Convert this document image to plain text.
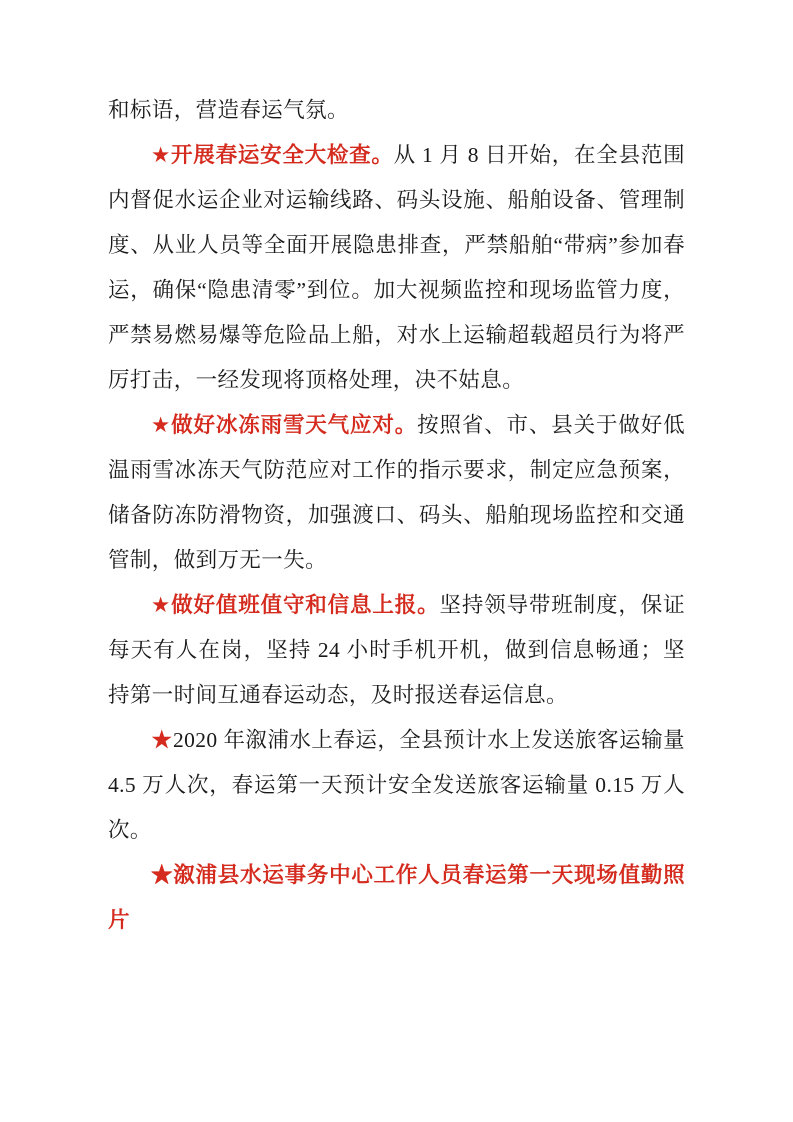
和标语，营造春运气氛。

★开展春运安全大检查。从 1 月 8 日开始，在全县范围内督促水运企业对运输线路、码头设施、船舶设备、管理制度、从业人员等全面开展隐患排查，严禁船舶“带病”参加春运，确保“隐患清零”到位。加大视频监控和现场监管力度，严禁易燃易爆等危险品上船，对水上运输超载超员行为将严厉打击，一经发现将顶格处理，决不姑息。

★做好冰冻雨雪天气应对。按照省、市、县关于做好低温雨雪冰冻天气防范应对工作的指示要求，制定应急预案，储备防冻防滑物资，加强渡口、码头、船舶现场监控和交通管制，做到万无一失。

★做好值班值守和信息上报。坚持领导带班制度，保证每天有人在岗，坚持 24 小时手机开机，做到信息畅通；坚持第一时间互通春运动态，及时报送春运信息。

★2020 年溆浦水上春运，全县预计水上发送旅客运输量 4.5 万人次，春运第一天预计安全发送旅客运输量 0.15 万人次。

★溆浦县水运事务中心工作人员春运第一天现场值勤照片
